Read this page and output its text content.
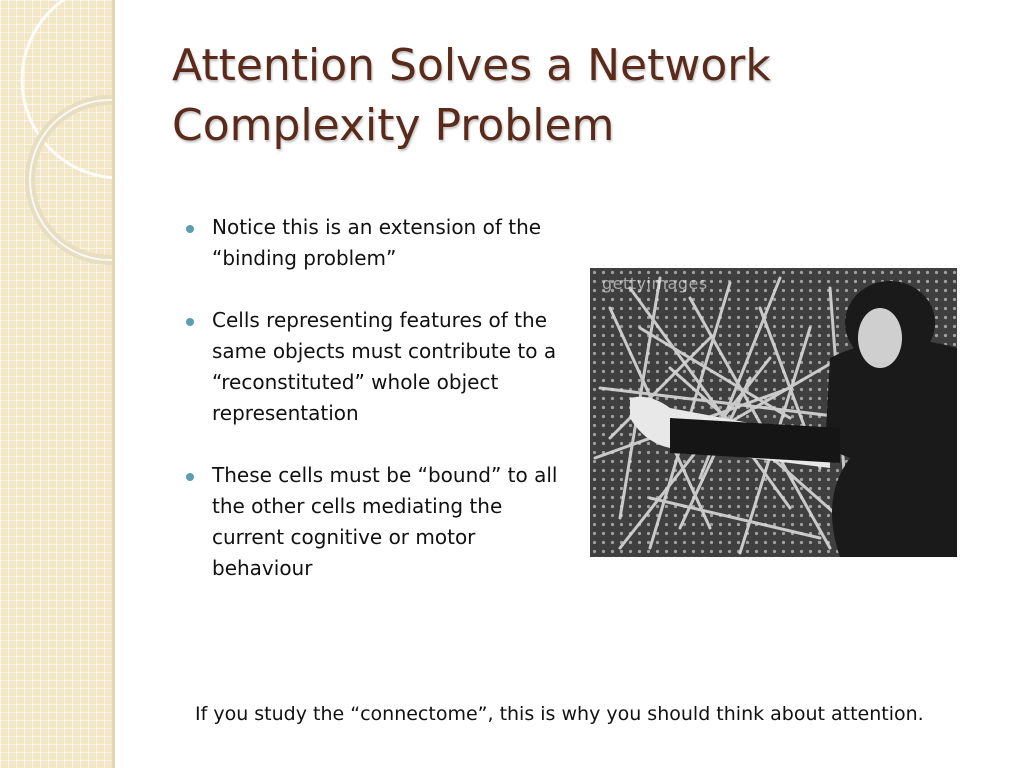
Attention Solves a Network
Complexity Problem
Notice this is an extension of the “binding problem”
Cells representing features of the same objects must contribute to a “reconstituted” whole object representation
These cells must be “bound” to all the other cells mediating the current cognitive or motor behaviour
gettyimages

If you study the “connectome”, this is why you should think about attention.
